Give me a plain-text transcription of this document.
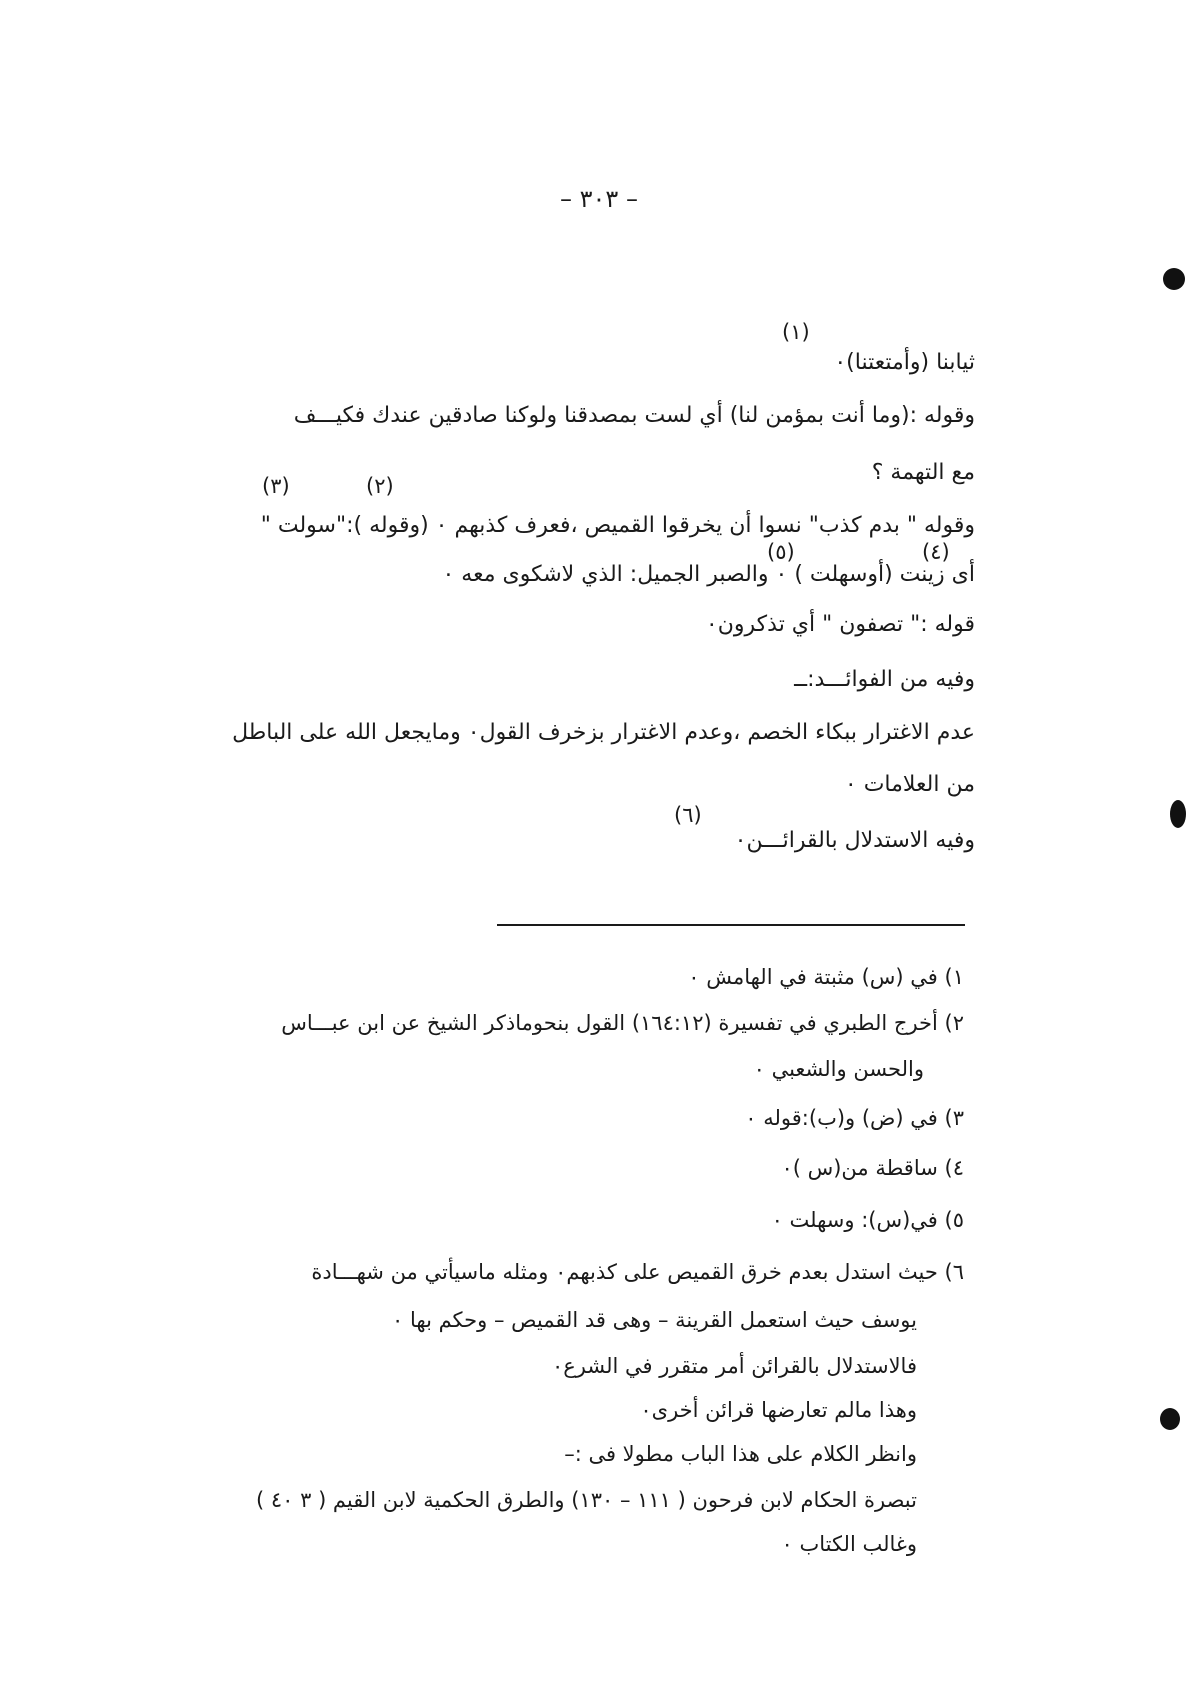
– ٣٠٣ –
ثيابنا (وأمتعتنا)٠
وقوله :(وما أنت بمؤمن لنا) أي لست بمصدقنا ولوكنا صادقين عندك فكيـــف
مع التهمة ؟
وقوله " بدم كذب" نسوا أن يخرقوا القميص ،فعرف كذبهم ٠ (وقوله ):"سولت "
أى زينت (أوسهلت ) ٠ والصبر الجميل: الذي لاشكوى معه ٠
قوله :" تصفون " أي تذكرون٠
وفيه من الفوائـــد:ــ
عدم الاغترار ببكاء الخصم ،وعدم الاغترار بزخرف القول٠ ومايجعل الله على الباطل
من العلامات ٠
وفيه الاستدلال بالقرائـــن٠
(١)
(٢)
(٣)
(٤)
(٥)
(٦)
١) في (س) مثبتة في الهامش ٠
٢) أخرج الطبري في تفسيرة (١٦٤:١٢) القول بنحوماذكر الشيخ عن ابن عبـــاس
والحسن والشعبي ٠
٣) في (ض) و(ب):قوله ٠
٤) ساقطة من(س )٠
٥) في(س): وسهلت ٠
٦) حيث استدل بعدم خرق القميص على كذبهم٠ ومثله ماسيأتي من شهـــادة
يوسف حيث استعمل القرينة – وهى قد القميص – وحكم بها ٠
فالاستدلال بالقرائن أمر متقرر في الشرع٠
وهذا مالم تعارضها قرائن أخرى٠
وانظر الكلام على هذا الباب مطولا فى :–
تبصرة الحكام لابن فرحون ( ١١١ – ١٣٠) والطرق الحكمية لابن القيم ( ٣ ٤٠ )
وغالب الكتاب ٠
